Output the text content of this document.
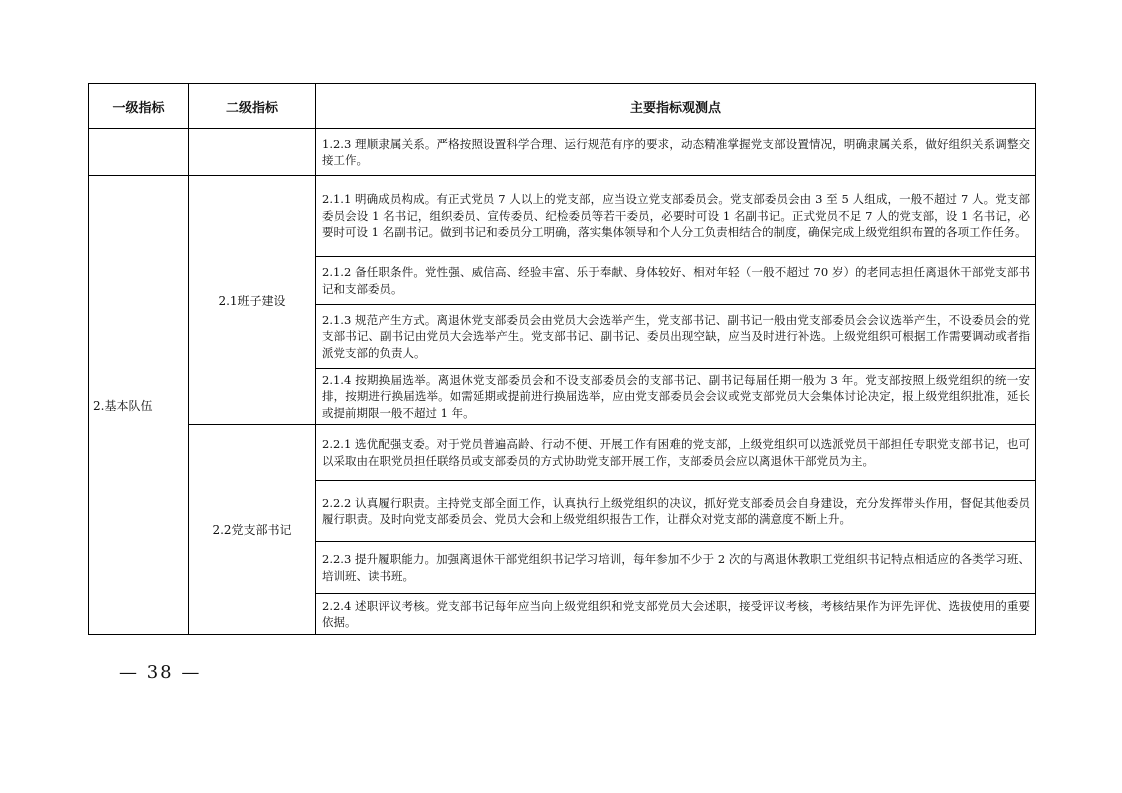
一级指标	二级指标	主要指标观测点
		1.2.3 理顺隶属关系。严格按照设置科学合理、运行规范有序的要求，动态精准掌握党支部设置情况，明确隶属关系，做好组织关系调整交接工作。
2.基本队伍	2.1班子建设	2.1.1 明确成员构成。有正式党员 7 人以上的党支部，应当设立党支部委员会。党支部委员会由 3 至 5 人组成，一般不超过 7 人。党支部委员会设 1 名书记，组织委员、宣传委员、纪检委员等若干委员，必要时可设 1 名副书记。正式党员不足 7 人的党支部，设 1 名书记，必要时可设 1 名副书记。做到书记和委员分工明确，落实集体领导和个人分工负责相结合的制度，确保完成上级党组织布置的各项工作任务。
		2.1.2 备任职条件。党性强、威信高、经验丰富、乐于奉献、身体较好、相对年轻（一般不超过 70 岁）的老同志担任离退休干部党支部书记和支部委员。
		2.1.3 规范产生方式。离退休党支部委员会由党员大会选举产生，党支部书记、副书记一般由党支部委员会会议选举产生，不设委员会的党支部书记、副书记由党员大会选举产生。党支部书记、副书记、委员出现空缺，应当及时进行补选。上级党组织可根据工作需要调动或者指派党支部的负责人。
		2.1.4 按期换届选举。离退休党支部委员会和不设支部委员会的支部书记、副书记每届任期一般为 3 年。党支部按照上级党组织的统一安排，按期进行换届选举。如需延期或提前进行换届选举，应由党支部委员会会议或党支部党员大会集体讨论决定，报上级党组织批准，延长或提前期限一般不超过 1 年。
	2.2党支部书记	2.2.1 选优配强支委。对于党员普遍高龄、行动不便、开展工作有困难的党支部，上级党组织可以选派党员干部担任专职党支部书记，也可以采取由在职党员担任联络员或支部委员的方式协助党支部开展工作，支部委员会应以离退休干部党员为主。
		2.2.2 认真履行职责。主持党支部全面工作，认真执行上级党组织的决议，抓好党支部委员会自身建设，充分发挥带头作用，督促其他委员履行职责。及时向党支部委员会、党员大会和上级党组织报告工作，让群众对党支部的满意度不断上升。
		2.2.3 提升履职能力。加强离退休干部党组织书记学习培训，每年参加不少于 2 次的与离退休教职工党组织书记特点相适应的各类学习班、培训班、读书班。
		2.2.4 述职评议考核。党支部书记每年应当向上级党组织和党支部党员大会述职，接受评议考核，考核结果作为评先评优、选拔使用的重要依据。
— 38 —
